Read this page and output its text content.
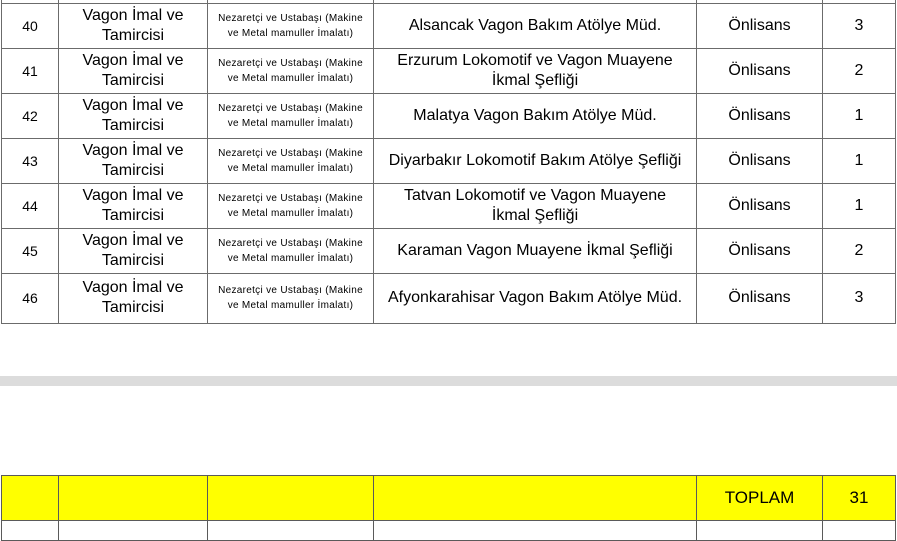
40	Vagon İmal ve
Tamircisi	Nezaretçi ve Ustabaşı (Makine
ve Metal mamuller İmalatı)	Alsancak Vagon Bakım Atölye Müd.	Önlisans	3
41	Vagon İmal ve
Tamircisi	Nezaretçi ve Ustabaşı (Makine
ve Metal mamuller İmalatı)	Erzurum Lokomotif ve Vagon Muayene
İkmal Şefliği	Önlisans	2
42	Vagon İmal ve
Tamircisi	Nezaretçi ve Ustabaşı (Makine
ve Metal mamuller İmalatı)	Malatya Vagon Bakım Atölye Müd.	Önlisans	1
43	Vagon İmal ve
Tamircisi	Nezaretçi ve Ustabaşı (Makine
ve Metal mamuller İmalatı)	Diyarbakır Lokomotif Bakım Atölye Şefliği	Önlisans	1
44	Vagon İmal ve
Tamircisi	Nezaretçi ve Ustabaşı (Makine
ve Metal mamuller İmalatı)	Tatvan Lokomotif ve Vagon Muayene
İkmal Şefliği	Önlisans	1
45	Vagon İmal ve
Tamircisi	Nezaretçi ve Ustabaşı (Makine
ve Metal mamuller İmalatı)	Karaman Vagon Muayene İkmal Şefliği	Önlisans	2
46	Vagon İmal ve
Tamircisi	Nezaretçi ve Ustabaşı (Makine
ve Metal mamuller İmalatı)	Afyonkarahisar Vagon Bakım Atölye Müd.	Önlisans	3
				TOPLAM	31
